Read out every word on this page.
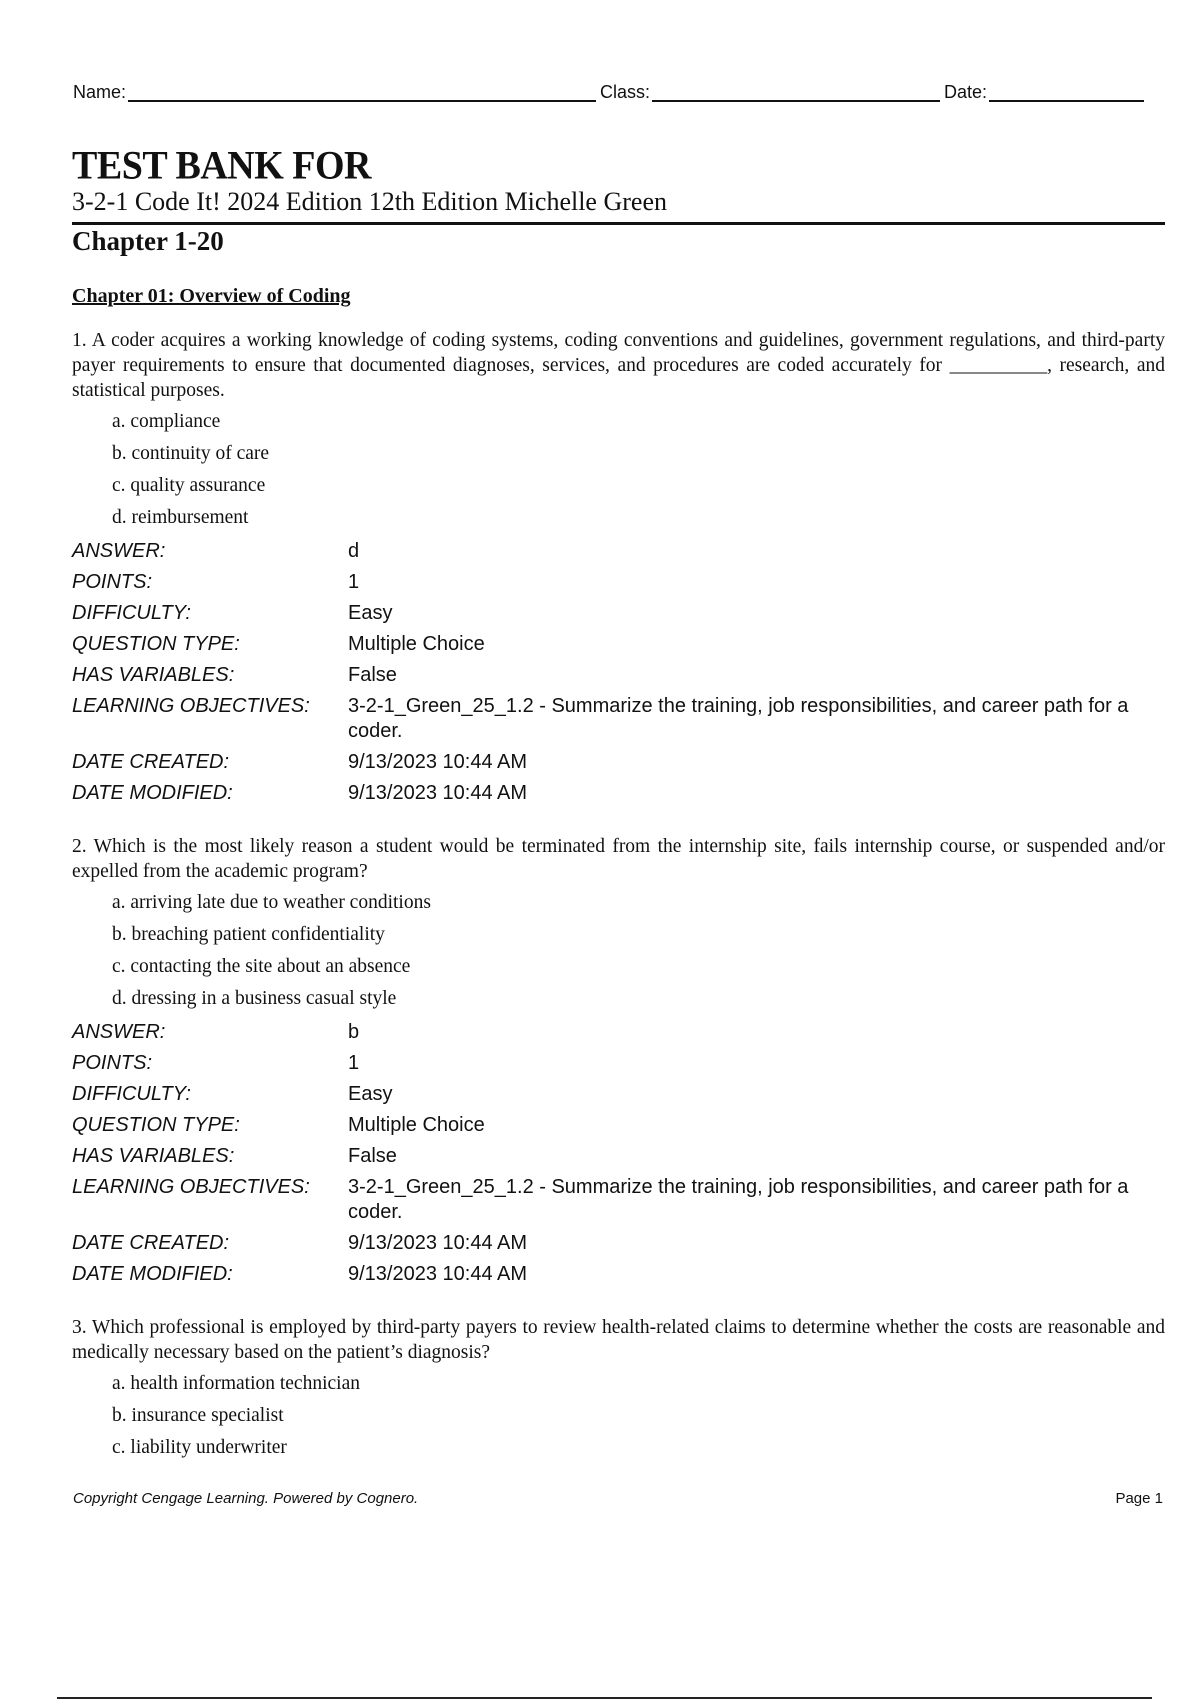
Name:	Class:	Date:
TEST BANK FOR
3-2-1 Code It! 2024 Edition 12th Edition Michelle Green
Chapter 1-20
Chapter 01: Overview of Coding

1. A coder acquires a working knowledge of coding systems, coding conventions and guidelines, government regulations, and third-party payer requirements to ensure that documented diagnoses, services, and procedures are coded accurately for __________, research, and statistical purposes.

a. compliance
b. continuity of care
c. quality assurance
d. reimbursement
ANSWER:	d
POINTS:	1
DIFFICULTY:	Easy
QUESTION TYPE:	Multiple Choice
HAS VARIABLES:	False
LEARNING OBJECTIVES:	3-2-1_Green_25_1.2 - Summarize the training, job responsibilities, and career path for a coder.
DATE CREATED:	9/13/2023 10:44 AM
DATE MODIFIED:	9/13/2023 10:44 AM

2. Which is the most likely reason a student would be terminated from the internship site, fails internship course, or suspended and/or expelled from the academic program?

a. arriving late due to weather conditions
b. breaching patient confidentiality
c. contacting the site about an absence
d. dressing in a business casual style
ANSWER:	b
POINTS:	1
DIFFICULTY:	Easy
QUESTION TYPE:	Multiple Choice
HAS VARIABLES:	False
LEARNING OBJECTIVES:	3-2-1_Green_25_1.2 - Summarize the training, job responsibilities, and career path for a coder.
DATE CREATED:	9/13/2023 10:44 AM
DATE MODIFIED:	9/13/2023 10:44 AM

3. Which professional is employed by third-party payers to review health-related claims to determine whether the costs are reasonable and medically necessary based on the patient’s diagnosis?

a. health information technician
b. insurance specialist
c. liability underwriter
Copyright Cengage Learning. Powered by Cognero.	Page 1
